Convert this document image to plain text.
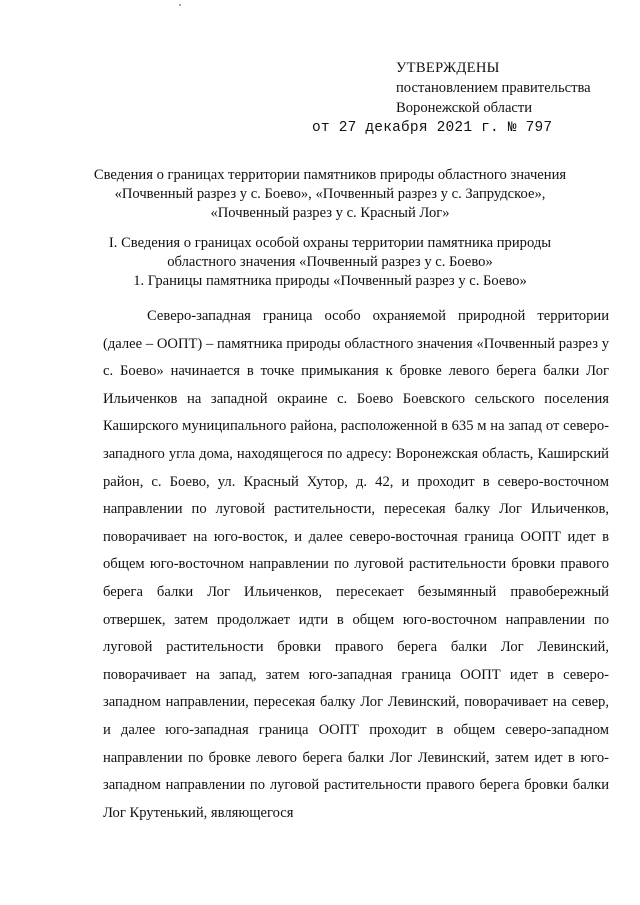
УТВЕРЖДЕНЫ
постановлением правительства
Воронежской области
от 27 декабря 2021 г. № 797
Сведения о границах территории памятников природы областного значения
«Почвенный разрез у с. Боево», «Почвенный разрез у с. Запрудское»,
«Почвенный разрез у с. Красный Лог»
I. Сведения о границах особой охраны территории памятника природы
областного значения «Почвенный разрез у с. Боево»
1. Границы памятника природы «Почвенный разрез у с. Боево»
Северо-западная граница особо охраняемой природной территории (далее – ООПТ) – памятника природы областного значения «Почвенный разрез у с. Боево» начинается в точке примыкания к бровке левого берега балки Лог Ильиченков на западной окраине с. Боево Боевского сельского поселения Каширского муниципального района, расположенной в 635 м на запад от северо-западного угла дома, находящегося по адресу: Воронежская область, Каширский район, с. Боево, ул. Красный Хутор, д. 42, и проходит в северо-восточном направлении по луговой растительности, пересекая балку Лог Ильиченков, поворачивает на юго-восток, и далее северо-восточная граница ООПТ идет в общем юго-восточном направлении по луговой растительности бровки правого берега балки Лог Ильиченков, пересекает безымянный правобережный отвершек, затем продолжает идти в общем юго-восточном направлении по луговой растительности бровки правого берега балки Лог Левинский, поворачивает на запад, затем юго-западная граница ООПТ идет в северо-западном направлении, пересекая балку Лог Левинский, поворачивает на север, и далее юго-западная граница ООПТ проходит в общем северо-западном направлении по бровке левого берега балки Лог Левинский, затем идет в юго-западном направлении по луговой растительности правого берега бровки балки Лог Крутенький, являющегося
